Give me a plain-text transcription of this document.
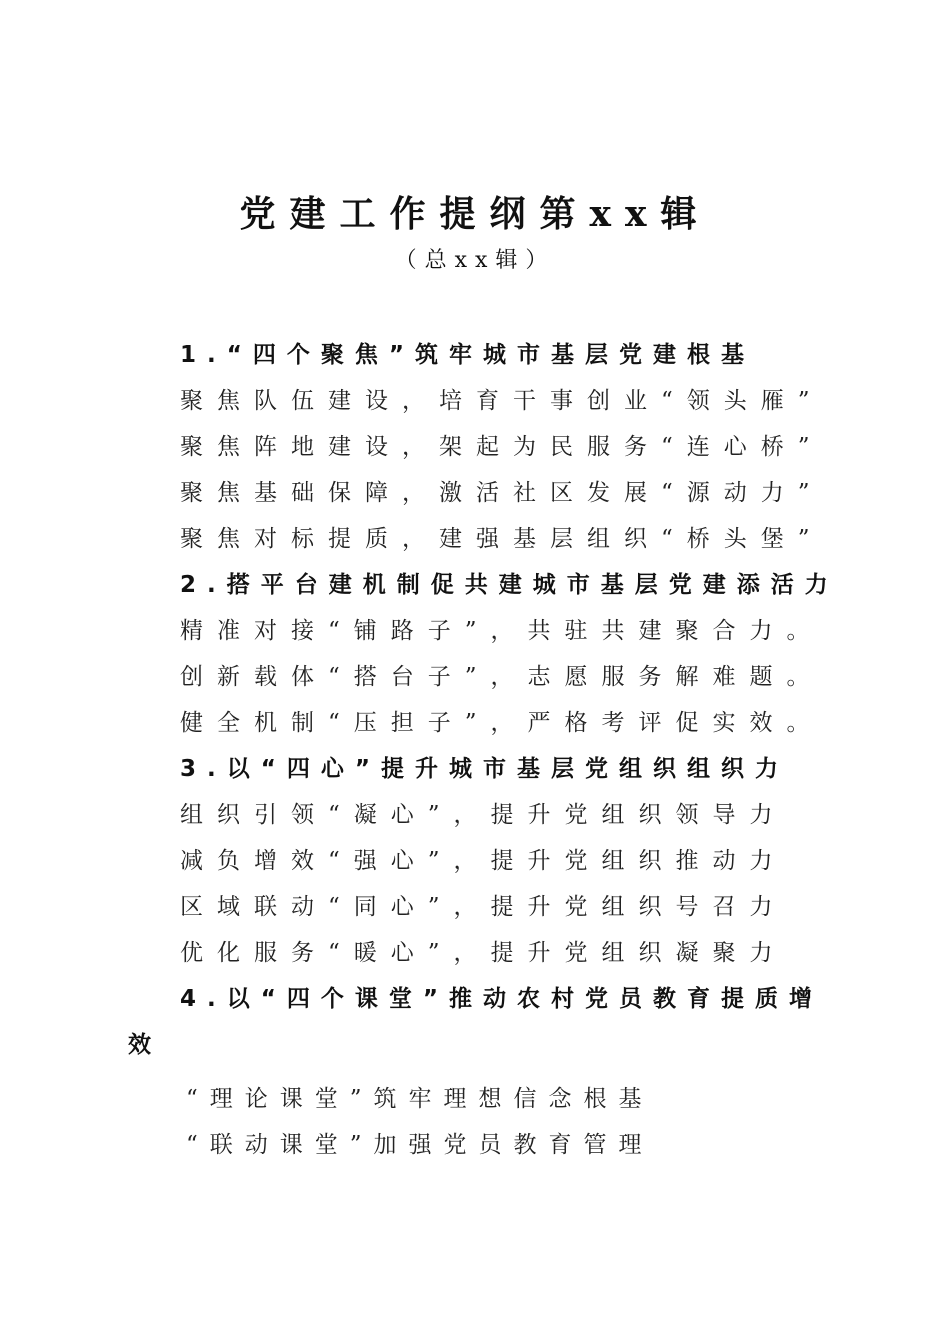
党建工作提纲第xx辑
（总xx辑）

1.“四个聚焦”筑牢城市基层党建根基

聚焦队伍建设，培育干事创业“领头雁”

聚焦阵地建设，架起为民服务“连心桥”

聚焦基础保障，激活社区发展“源动力”

聚焦对标提质，建强基层组织“桥头堡”

2.搭平台建机制促共建城市基层党建添活力

精准对接“铺路子”，共驻共建聚合力。

创新载体“搭台子”，志愿服务解难题。

健全机制“压担子”，严格考评促实效。

3.以“四心”提升城市基层党组织组织力

组织引领“凝心”，提升党组织领导力

减负增效“强心”，提升党组织推动力

区域联动“同心”，提升党组织号召力

优化服务“暖心”，提升党组织凝聚力

4.以“四个课堂”推动农村党员教育提质增效

“理论课堂”筑牢理想信念根基

“联动课堂”加强党员教育管理
